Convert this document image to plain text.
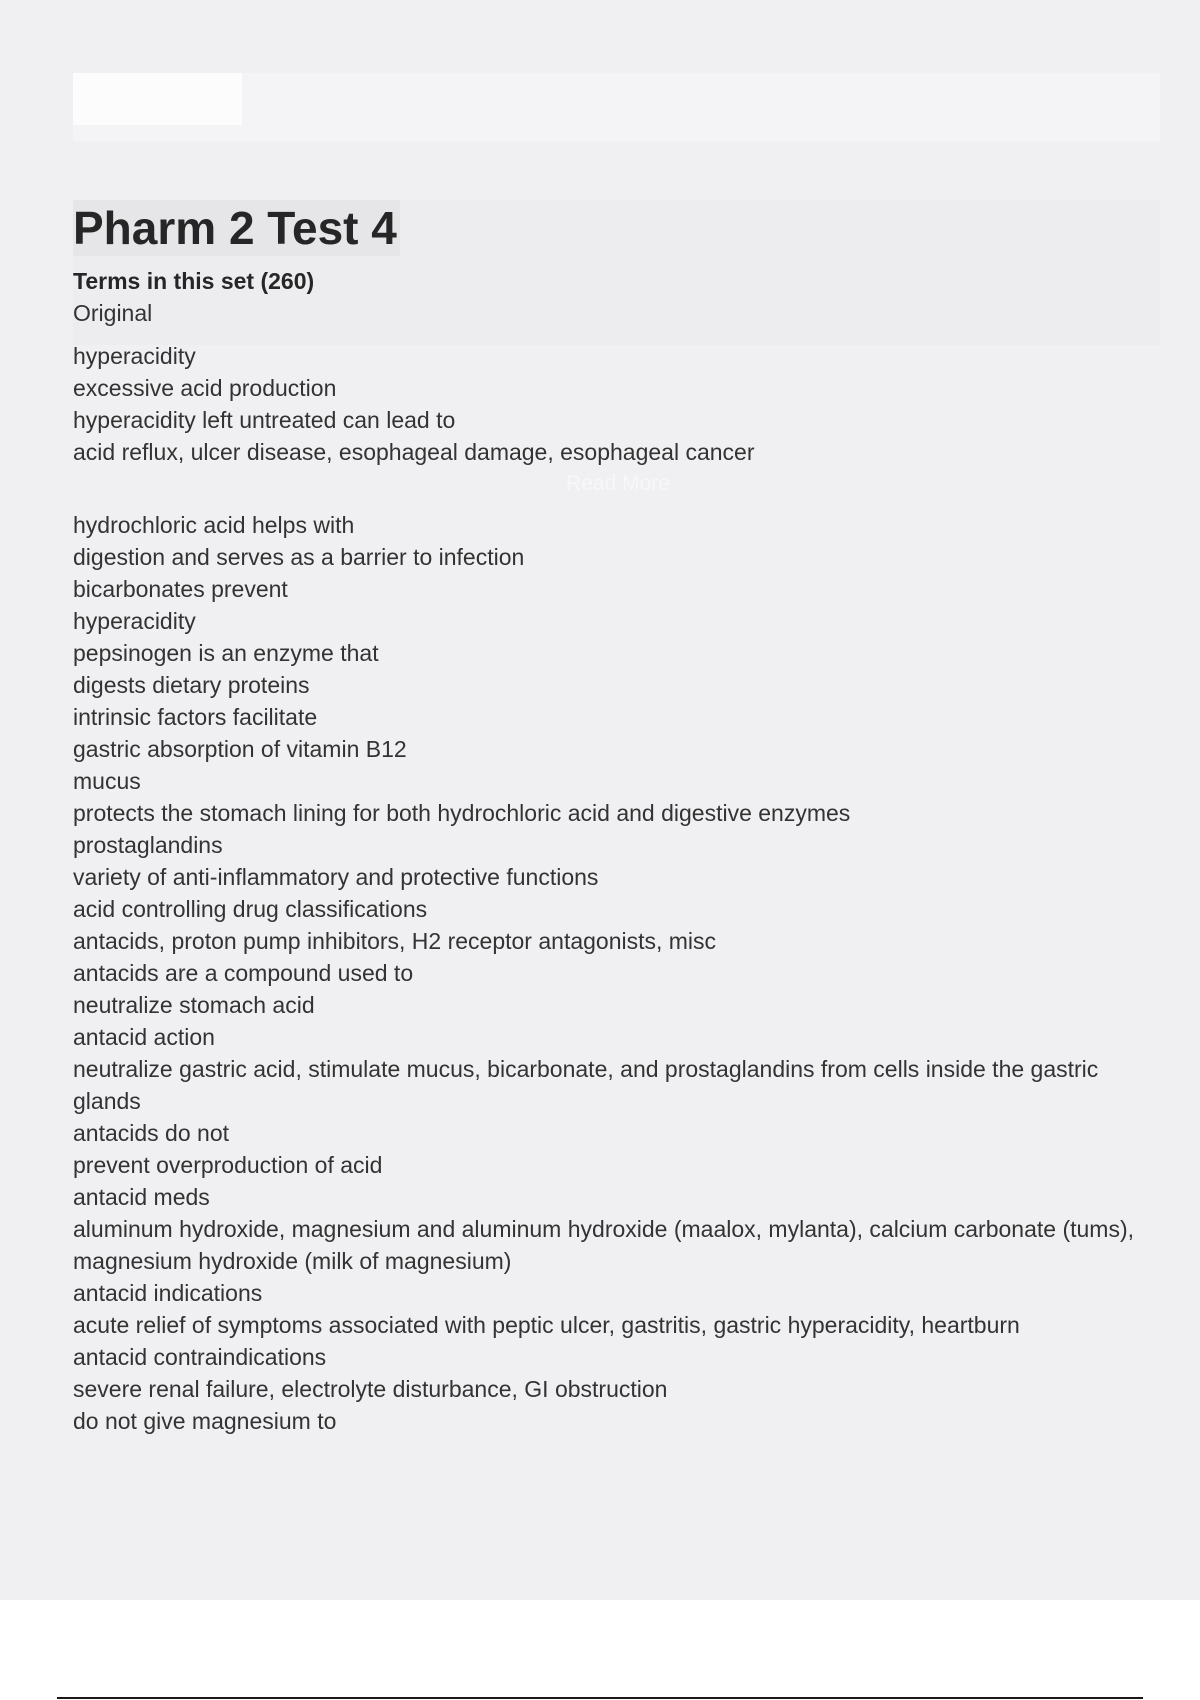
Pharm 2 Test 4
Terms in this set (260)
Original
hyperacidity
excessive acid production
hyperacidity left untreated can lead to
acid reflux, ulcer disease, esophageal damage, esophageal cancer
Read More
hydrochloric acid helps with
digestion and serves as a barrier to infection
bicarbonates prevent
hyperacidity
pepsinogen is an enzyme that
digests dietary proteins
intrinsic factors facilitate
gastric absorption of vitamin B12
mucus
protects the stomach lining for both hydrochloric acid and digestive enzymes
prostaglandins
variety of anti-inflammatory and protective functions
acid controlling drug classifications
antacids, proton pump inhibitors, H2 receptor antagonists, misc
antacids are a compound used to
neutralize stomach acid
antacid action
neutralize gastric acid, stimulate mucus, bicarbonate, and prostaglandins from cells inside the gastric glands
antacids do not
prevent overproduction of acid
antacid meds
aluminum hydroxide, magnesium and aluminum hydroxide (maalox, mylanta), calcium carbonate (tums), magnesium hydroxide (milk of magnesium)
antacid indications
acute relief of symptoms associated with peptic ulcer, gastritis, gastric hyperacidity, heartburn
antacid contraindications
severe renal failure, electrolyte disturbance, GI obstruction
do not give magnesium to
